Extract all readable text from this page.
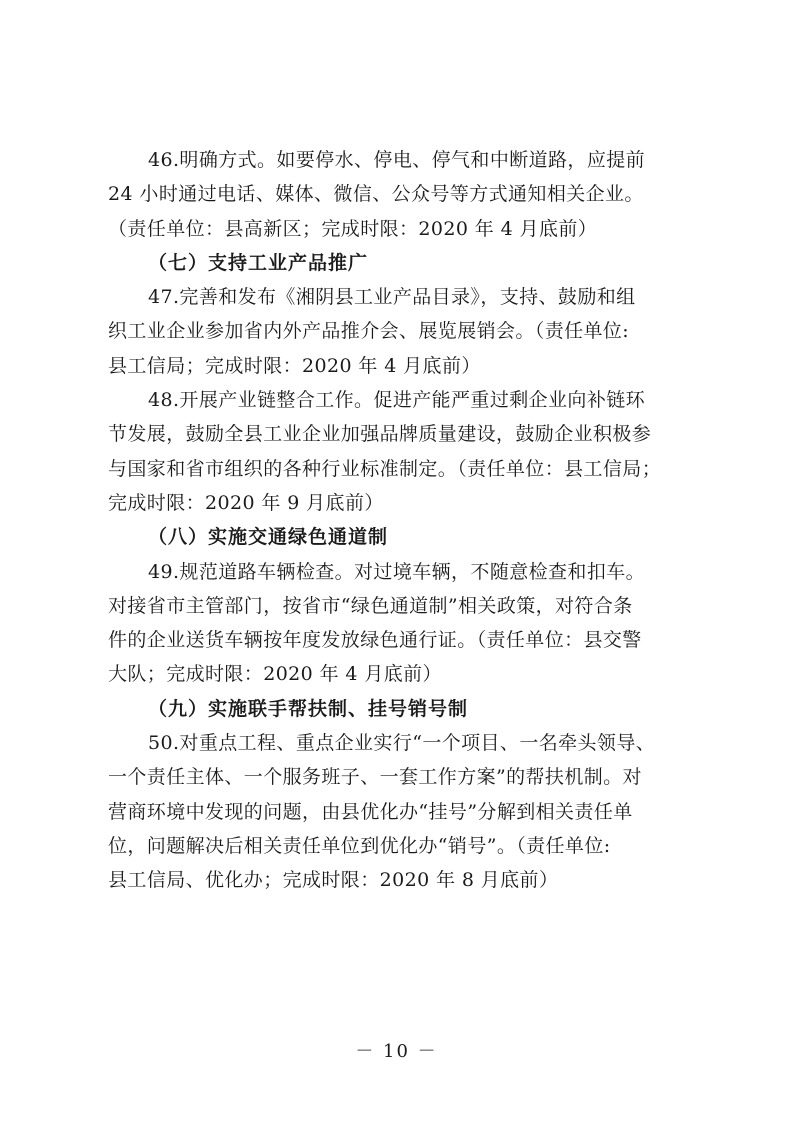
46.明确方式。如要停水、停电、停气和中断道路，应提前
24 小时通过电话、媒体、微信、公众号等方式通知相关企业。
（责任单位：县高新区；完成时限：2020 年 4 月底前）
（七）支持工业产品推广
47.完善和发布《湘阴县工业产品目录》，支持、鼓励和组
织工业企业参加省内外产品推介会、展览展销会。（责任单位:
县工信局；完成时限：2020 年 4 月底前）
48.开展产业链整合工作。促进产能严重过剩企业向补链环
节发展，鼓励全县工业企业加强品牌质量建设，鼓励企业积极参
与国家和省市组织的各种行业标准制定。（责任单位：县工信局；
完成时限：2020 年 9 月底前）
（八）实施交通绿色通道制
49.规范道路车辆检查。对过境车辆，不随意检查和扣车。
对接省市主管部门，按省市“绿色通道制”相关政策，对符合条
件的企业送货车辆按年度发放绿色通行证。（责任单位：县交警
大队；完成时限：2020 年 4 月底前）
（九）实施联手帮扶制、挂号销号制
50.对重点工程、重点企业实行“一个项目、一名牵头领导、
一个责任主体、一个服务班子、一套工作方案”的帮扶机制。对
营商环境中发现的问题，由县优化办“挂号”分解到相关责任单
位，问题解决后相关责任单位到优化办“销号”。（责任单位:
县工信局、优化办；完成时限：2020 年 8 月底前）
－ 10 －
